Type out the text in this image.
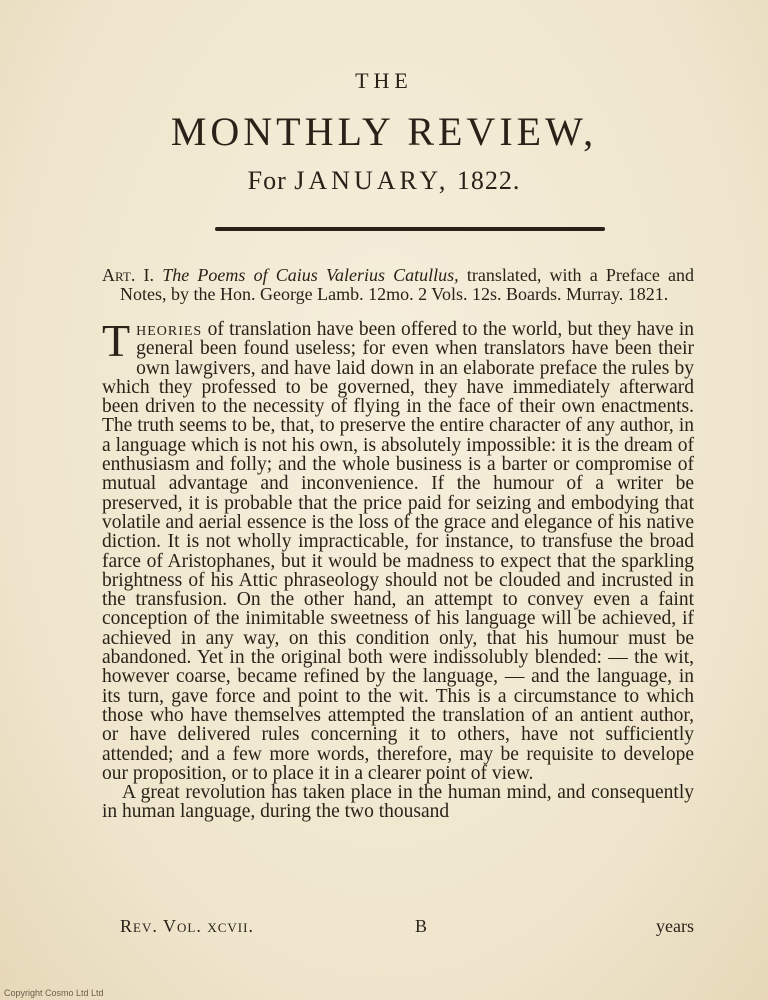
THE
MONTHLY REVIEW,
For JANUARY, 1822.
Art. I. The Poems of Caius Valerius Catullus, translated, with a Preface and Notes, by the Hon. George Lamb. 12mo. 2 Vols. 12s. Boards. Murray. 1821.

Theories of translation have been offered to the world, but they have in general been found useless; for even when translators have been their own lawgivers, and have laid down in an elaborate preface the rules by which they professed to be governed, they have immediately afterward been driven to the necessity of flying in the face of their own enactments. The truth seems to be, that, to preserve the entire character of any author, in a language which is not his own, is absolutely impossible: it is the dream of enthusiasm and folly; and the whole business is a barter or compromise of mutual advantage and inconvenience. If the humour of a writer be preserved, it is probable that the price paid for seizing and embodying that volatile and aerial essence is the loss of the grace and elegance of his native diction. It is not wholly impracticable, for instance, to transfuse the broad farce of Aristophanes, but it would be madness to expect that the sparkling brightness of his Attic phraseology should not be clouded and incrusted in the transfusion. On the other hand, an attempt to convey even a faint conception of the inimitable sweetness of his language will be achieved, if achieved in any way, on this condition only, that his humour must be abandoned. Yet in the original both were indissolubly blended: — the wit, however coarse, became refined by the language, — and the language, in its turn, gave force and point to the wit. This is a circumstance to which those who have themselves attempted the translation of an antient author, or have delivered rules concerning it to others, have not sufficiently attended; and a few more words, therefore, may be requisite to develope our proposition, or to place it in a clearer point of view.

A great revolution has taken place in the human mind, and consequently in human language, during the two thousand

Rev. Vol. xcvii.	B	years
Copyright Cosmo Ltd Ltd
